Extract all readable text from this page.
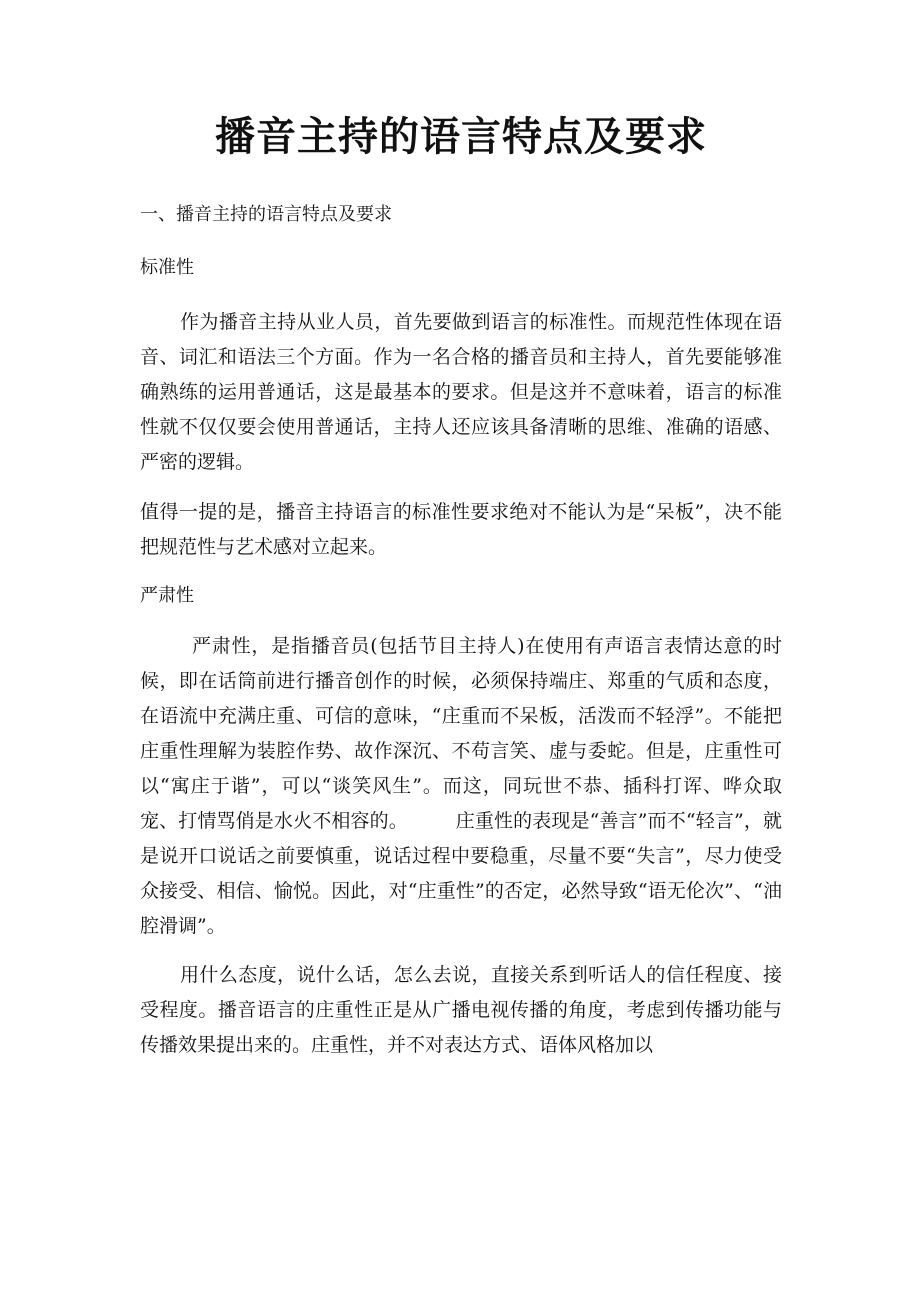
播音主持的语言特点及要求

一、播音主持的语言特点及要求

标准性

作为播音主持从业人员，首先要做到语言的标准性。而规范性体现在语音、词汇和语法三个方面。作为一名合格的播音员和主持人，首先要能够准确熟练的运用普通话，这是最基本的要求。但是这并不意味着，语言的标准性就不仅仅要会使用普通话，主持人还应该具备清晰的思维、准确的语感、严密的逻辑。

值得一提的是，播音主持语言的标准性要求绝对不能认为是“呆板”，决不能把规范性与艺术感对立起来。

严肃性

严肃性，是指播音员(包括节目主持人)在使用有声语言表情达意的时候，即在话筒前进行播音创作的时候，必须保持端庄、郑重的气质和态度，在语流中充满庄重、可信的意味，“庄重而不呆板，活泼而不轻浮”。不能把庄重性理解为装腔作势、故作深沉、不苟言笑、虚与委蛇。但是，庄重性可以“寓庄于谐”，可以“谈笑风生”。而这，同玩世不恭、插科打诨、哗众取宠、打情骂俏是水火不相容的。　　　庄重性的表现是“善言”而不“轻言”，就是说开口说话之前要慎重，说话过程中要稳重，尽量不要“失言”，尽力使受众接受、相信、愉悦。因此，对“庄重性”的否定，必然导致“语无伦次”、“油腔滑调”。

用什么态度，说什么话，怎么去说，直接关系到听话人的信任程度、接受程度。播音语言的庄重性正是从广播电视传播的角度，考虑到传播功能与传播效果提出来的。庄重性，并不对表达方式、语体风格加以
